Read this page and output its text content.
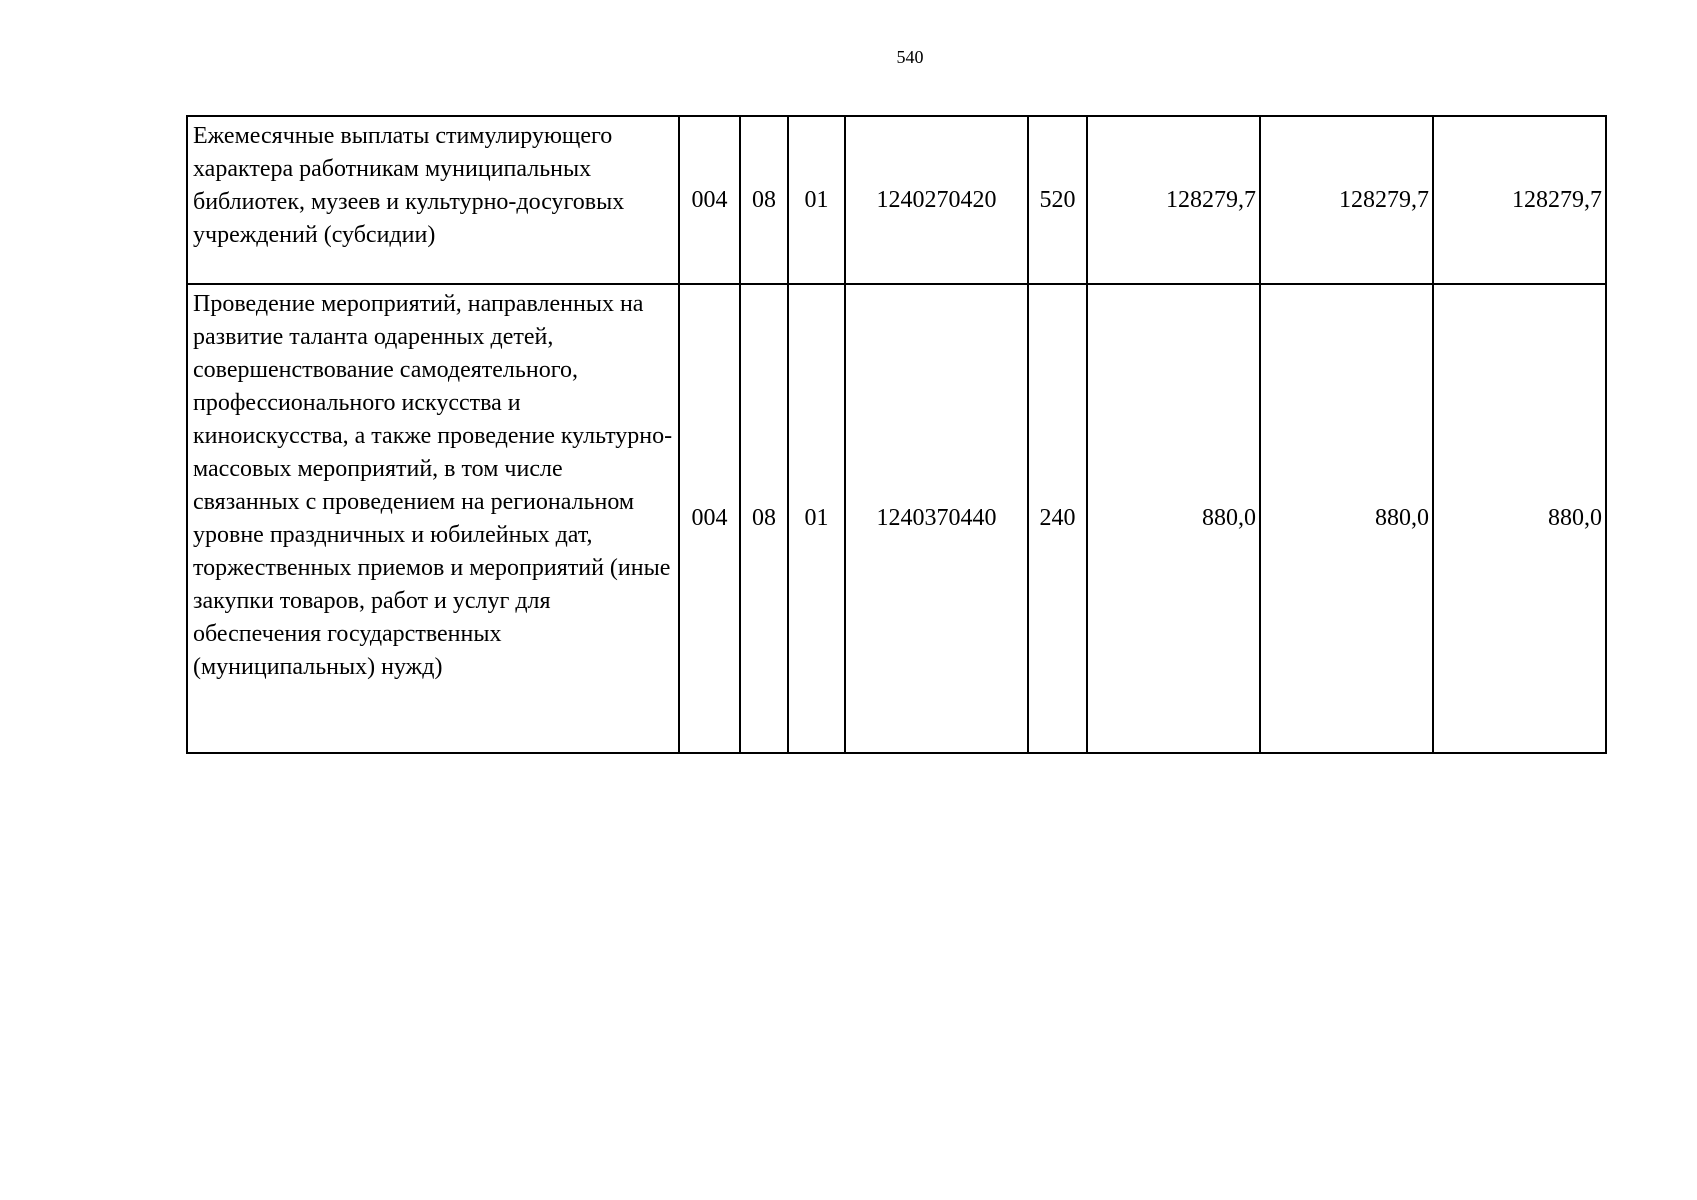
540
Ежемесячные выплаты стимулирующего характера работникам муниципальных библиотек, музеев и культурно-досуговых учреждений (субсидии)	004	08	01	1240270420	520	128279,7	128279,7	128279,7
Проведение мероприятий, направленных на развитие таланта одаренных детей, совершенствование самодеятельного, профессионального искусства и киноискусства, а также проведение культурно-массовых мероприятий, в том числе связанных с проведением на региональном уровне праздничных и юбилейных дат, торжественных приемов и мероприятий (иные закупки товаров, работ и услуг для обеспечения государственных (муниципальных) нужд)	004	08	01	1240370440	240	880,0	880,0	880,0
